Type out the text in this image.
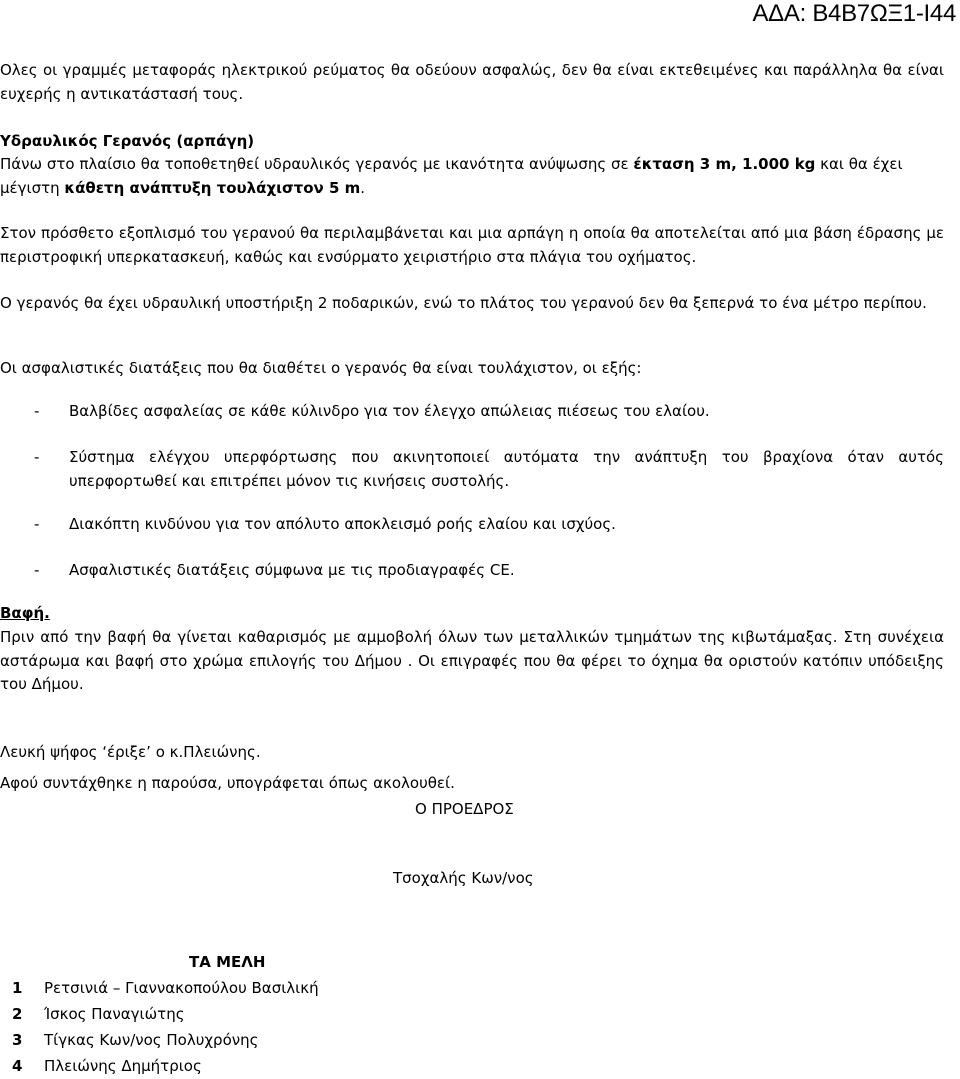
ΑΔΑ: Β4Β7ΩΞ1-Ι44

Ολες οι γραμμές μεταφοράς ηλεκτρικού ρεύματος θα οδεύουν ασφαλώς, δεν θα είναι εκτεθειμένες και παράλληλα θα είναι ευχερής η αντικατάστασή τους.

Υδραυλικός Γερανός (αρπάγη)

Πάνω στο πλαίσιο θα τοποθετηθεί υδραυλικός γερανός με ικανότητα ανύψωσης σε έκταση 3 m, 1.000 kg και θα έχει μέγιστη κάθετη ανάπτυξη τουλάχιστον 5 m.

Στον πρόσθετο εξοπλισμό του γερανού θα περιλαμβάνεται και μια αρπάγη η οποία θα αποτελείται από μια βάση έδρασης με περιστροφική υπερκατασκευή, καθώς και ενσύρματο χειριστήριο στα πλάγια του οχήματος.

Ο γερανός θα έχει υδραυλική υποστήριξη 2 ποδαρικών, ενώ το πλάτος του γερανού δεν θα ξεπερνά το ένα μέτρο περίπου.

Οι ασφαλιστικές διατάξεις που θα διαθέτει ο γερανός θα είναι τουλάχιστον, οι εξής:

- Βαλβίδες ασφαλείας σε κάθε κύλινδρο για τον έλεγχο απώλειας πιέσεως του ελαίου.
- Σύστημα ελέγχου υπερφόρτωσης που ακινητοποιεί αυτόματα την ανάπτυξη του βραχίονα όταν αυτός υπερφορτωθεί και επιτρέπει μόνον τις κινήσεις συστολής.
- Διακόπτη κινδύνου για τον απόλυτο αποκλεισμό ροής ελαίου και ισχύος.
- Ασφαλιστικές διατάξεις σύμφωνα με τις προδιαγραφές CE.
Βαφή.

Πριν από την βαφή θα γίνεται καθαρισμός με αμμοβολή όλων των μεταλλικών τμημάτων της κιβωτάμαξας. Στη συνέχεια αστάρωμα και βαφή στο χρώμα επιλογής του Δήμου . Οι επιγραφές που θα φέρει το όχημα θα οριστούν κατόπιν υπόδειξης του Δήμου.

Λευκή ψήφος ‘έριξε’ ο κ.Πλειώνης.
Αφού συντάχθηκε η παρούσα, υπογράφεται όπως ακολουθεί.
Ο ΠΡΟΕΔΡΟΣ
Τσοχαλής Κων/νος
ΤΑ ΜΕΛΗ
1 Ρετσινιά – Γιαννακοπούλου Βασιλική
2 Ίσκος Παναγιώτης
3 Τίγκας Κων/νος Πολυχρόνης
4 Πλειώνης Δημήτριος
